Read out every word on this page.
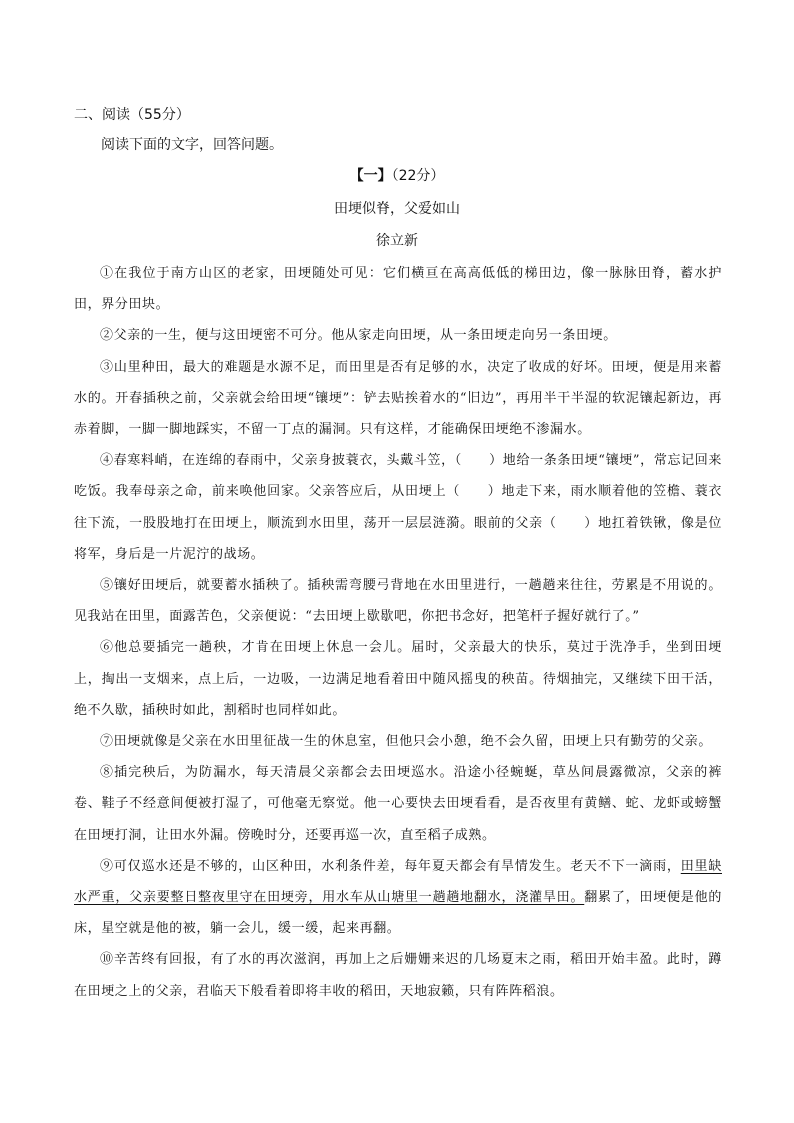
二、阅读（55分）
阅读下面的文字，回答问题。
【一】（22分）
田埂似脊，父爱如山
徐立新

①在我位于南方山区的老家，田埂随处可见：它们横亘在高高低低的梯田边，像一脉脉田脊，蓄水护田，界分田块。

②父亲的一生，便与这田埂密不可分。他从家走向田埂，从一条田埂走向另一条田埂。

③山里种田，最大的难题是水源不足，而田里是否有足够的水，决定了收成的好坏。田埂，便是用来蓄水的。开春插秧之前，父亲就会给田埂“镶埂”：铲去贴挨着水的“旧边”，再用半干半湿的软泥镶起新边，再赤着脚，一脚一脚地踩实，不留一丁点的漏洞。只有这样，才能确保田埂绝不渗漏水。

④春寒料峭，在连绵的春雨中，父亲身披蓑衣，头戴斗笠，（　　）地给一条条田埂“镶埂”，常忘记回来吃饭。我奉母亲之命，前来唤他回家。父亲答应后，从田埂上（　　）地走下来，雨水顺着他的笠檐、蓑衣往下流，一股股地打在田埂上，顺流到水田里，荡开一层层涟漪。眼前的父亲（　　）地扛着铁锹，像是位将军，身后是一片泥泞的战场。

⑤镶好田埂后，就要蓄水插秧了。插秧需弯腰弓背地在水田里进行，一趟趟来往往，劳累是不用说的。见我站在田里，面露苦色，父亲便说：“去田埂上歇歇吧，你把书念好，把笔杆子握好就行了。”

⑥他总要插完一趟秧，才肯在田埂上休息一会儿。届时，父亲最大的快乐，莫过于洗净手，坐到田埂上，掏出一支烟来，点上后，一边吸，一边满足地看着田中随风摇曳的秧苗。待烟抽完，又继续下田干活，绝不久歇，插秧时如此，割稻时也同样如此。

⑦田埂就像是父亲在水田里征战一生的休息室，但他只会小憩，绝不会久留，田埂上只有勤劳的父亲。

⑧插完秧后，为防漏水，每天清晨父亲都会去田埂巡水。沿途小径蜿蜒，草丛间晨露微凉，父亲的裤卷、鞋子不经意间便被打湿了，可他毫无察觉。他一心要快去田埂看看，是否夜里有黄鳝、蛇、龙虾或螃蟹在田埂打洞，让田水外漏。傍晚时分，还要再巡一次，直至稻子成熟。

⑨可仅巡水还是不够的，山区种田，水利条件差，每年夏天都会有旱情发生。老天不下一滴雨，田里缺水严重，父亲要整日整夜里守在田埂旁，用水车从山塘里一趟趟地翻水，浇灌旱田。翻累了，田埂便是他的床，星空就是他的被，躺一会儿，缓一缓，起来再翻。

⑩辛苦终有回报，有了水的再次滋润，再加上之后姗姗来迟的几场夏末之雨，稻田开始丰盈。此时，蹲在田埂之上的父亲，君临天下般看着即将丰收的稻田，天地寂籁，只有阵阵稻浪。
